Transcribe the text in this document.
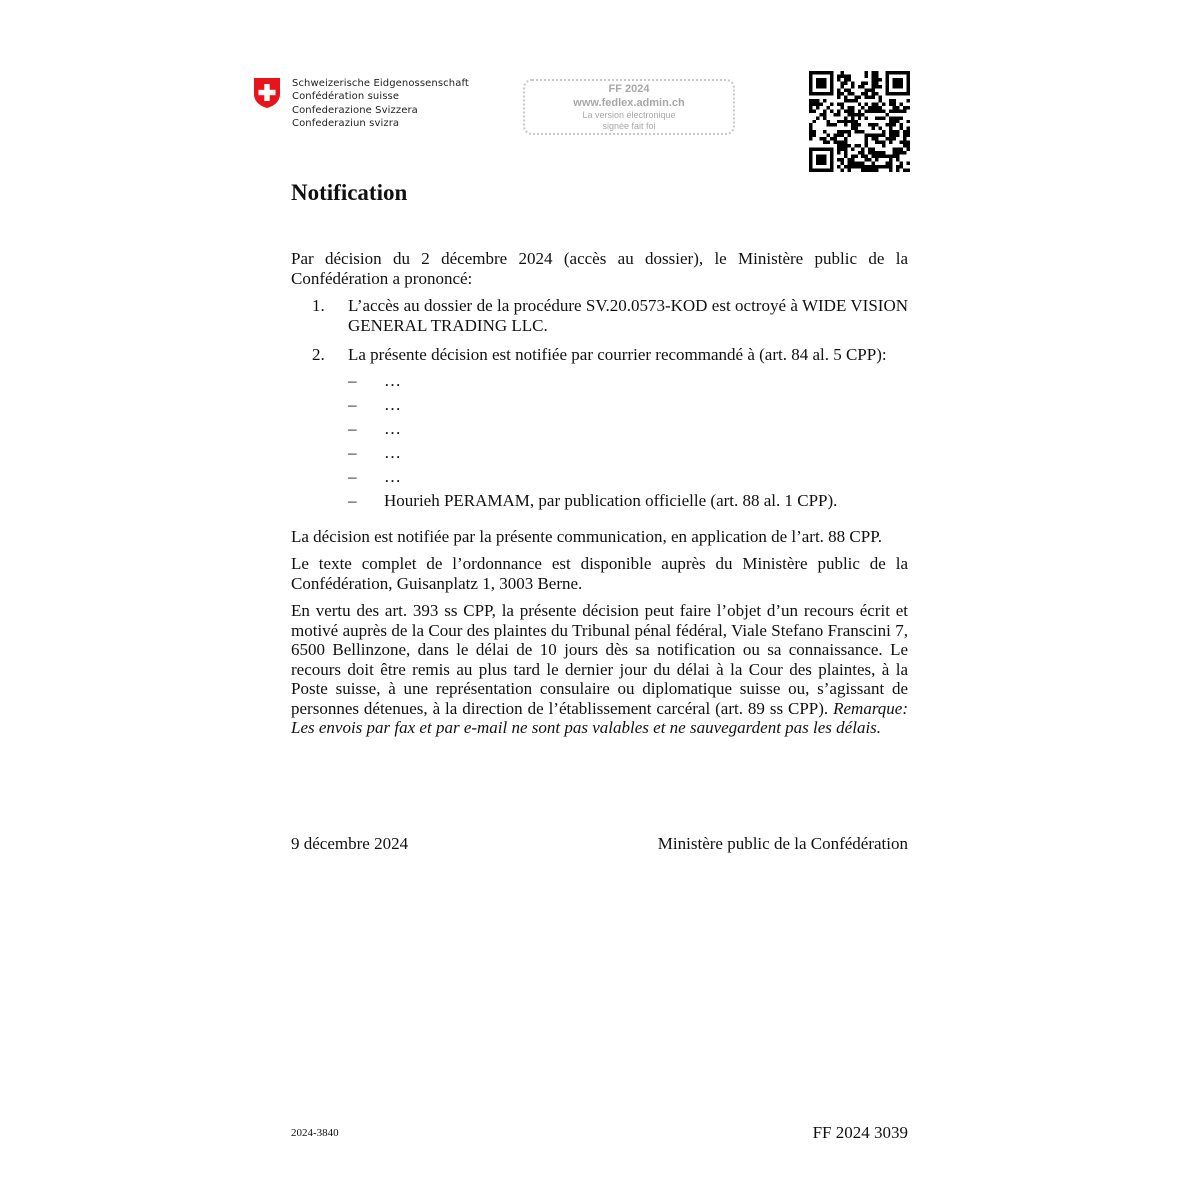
Schweizerische Eidgenossenschaft
Confédération suisse
Confederazione Svizzera
Confederaziun svizra
FF 2024
www.fedlex.admin.ch
La version électronique
signée fait foi
Notification

Par décision du 2 décembre 2024 (accès au dossier), le Ministère public de la Confédération a prononcé:

1. L’accès au dossier de la procédure SV.20.0573-KOD est octroyé à WIDE VISION GENERAL TRADING LLC.
2. La présente décision est notifiée par courrier recommandé à (art. 84 al. 5 CPP):
– …
– …
– …
– …
– …
– Hourieh PERAMAM, par publication officielle (art. 88 al. 1 CPP).

La décision est notifiée par la présente communication, en application de l’art. 88 CPP.

Le texte complet de l’ordonnance est disponible auprès du Ministère public de la Confédération, Guisanplatz 1, 3003 Berne.

En vertu des art. 393 ss CPP, la présente décision peut faire l’objet d’un recours écrit et motivé auprès de la Cour des plaintes du Tribunal pénal fédéral, Viale Stefano Franscini 7, 6500 Bellinzone, dans le délai de 10 jours dès sa notification ou sa connaissance. Le recours doit être remis au plus tard le dernier jour du délai à la Cour des plaintes, à la Poste suisse, à une représentation consulaire ou diplomatique suisse ou, s’agissant de personnes détenues, à la direction de l’établissement carcéral (art. 89 ss CPP). Remarque: Les envois par fax et par e-mail ne sont pas valables et ne sauvegardent pas les délais.

9 décembre 2024	Ministère public de la Confédération
2024-3840	FF 2024 3039
